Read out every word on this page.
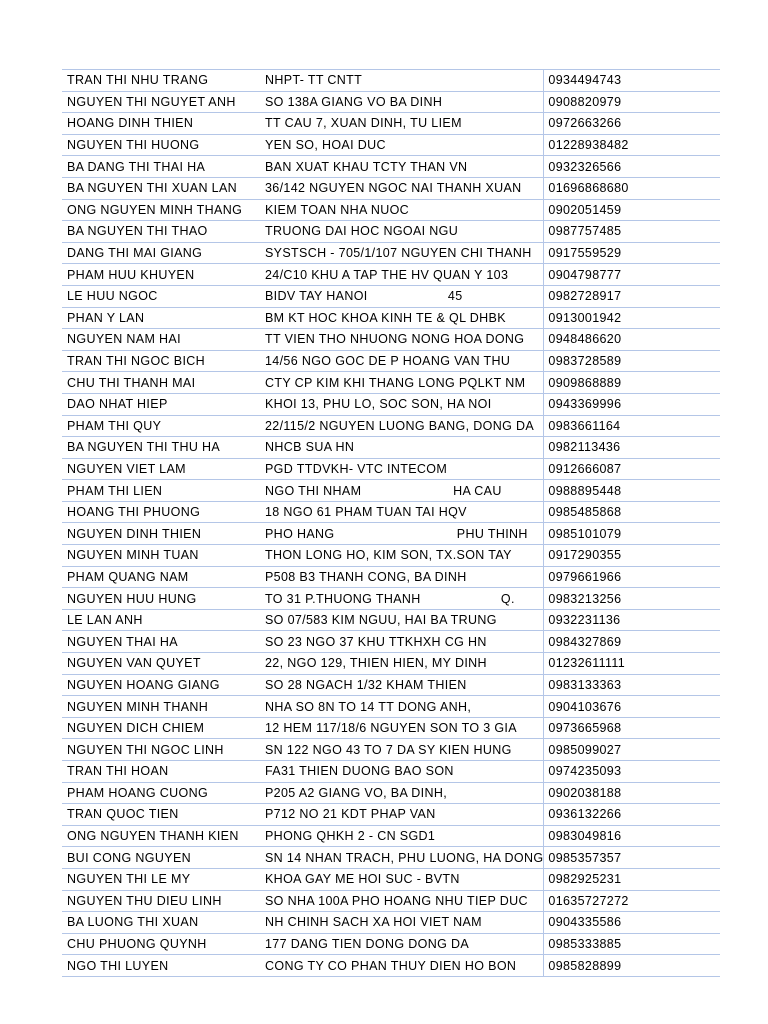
TRAN THI NHU TRANG	NHPT- TT CNTT	0934494743
NGUYEN THI NGUYET ANH	SO 138A GIANG VO BA DINH	0908820979
HOANG DINH THIEN	TT CAU 7, XUAN DINH, TU LIEM	0972663266
NGUYEN THI HUONG	YEN SO, HOAI DUC	01228938482
BA DANG THI THAI HA	BAN XUAT KHAU TCTY THAN VN	0932326566
BA NGUYEN THI XUAN LAN	36/142 NGUYEN NGOC NAI THANH XUAN	01696868680
ONG NGUYEN MINH THANG	KIEM TOAN NHA NUOC	0902051459
BA NGUYEN THI THAO	TRUONG DAI HOC NGOAI NGU	0987757485
DANG THI MAI GIANG	SYSTSCH - 705/1/107 NGUYEN CHI THANH	0917559529
PHAM HUU KHUYEN	24/C10 KHU A TAP THE HV QUAN Y 103	0904798777
LE HUU NGOC	BIDV TAY HANOI                     45	0982728917
PHAN Y LAN	BM KT HOC KHOA KINH TE & QL DHBK	0913001942
NGUYEN NAM HAI	TT VIEN THO NHUONG NONG HOA DONG	0948486620
TRAN THI NGOC BICH	14/56 NGO GOC DE P HOANG VAN THU	0983728589
CHU THI THANH MAI	CTY CP KIM KHI THANG LONG PQLKT NM	0909868889
DAO NHAT HIEP	KHOI 13, PHU LO, SOC SON, HA NOI	0943369996
PHAM THI QUY	22/115/2 NGUYEN LUONG BANG, DONG DA	0983661164
BA NGUYEN THI THU HA	NHCB SUA HN	0982113436
NGUYEN VIET LAM	PGD TTDVKH- VTC INTECOM	0912666087
PHAM THI LIEN	NGO THI NHAM                        HA CAU	0988895448
HOANG THI PHUONG	18 NGO 61 PHAM TUAN TAI HQV	0985485868
NGUYEN DINH THIEN	PHO HANG                                PHU THINH	0985101079
NGUYEN MINH TUAN	THON LONG HO, KIM SON, TX.SON TAY	0917290355
PHAM QUANG NAM	P508 B3 THANH CONG, BA DINH	0979661966
NGUYEN HUU HUNG	TO 31 P.THUONG THANH                     Q.	0983213256
LE LAN ANH	SO 07/583 KIM NGUU, HAI BA TRUNG	0932231136
NGUYEN THAI HA	SO 23 NGO 37 KHU TTKHXH CG HN	0984327869
NGUYEN VAN QUYET	22, NGO 129, THIEN HIEN, MY DINH	01232611111
NGUYEN HOANG GIANG	SO 28 NGACH 1/32 KHAM THIEN	0983133363
NGUYEN MINH THANH	NHA SO 8N TO 14 TT DONG ANH,	0904103676
NGUYEN DICH CHIEM	12 HEM 117/18/6 NGUYEN SON TO 3 GIA	0973665968
NGUYEN THI NGOC LINH	SN 122 NGO 43 TO 7 DA SY KIEN HUNG	0985099027
TRAN THI HOAN	FA31 THIEN DUONG BAO SON	0974235093
PHAM HOANG CUONG	P205 A2 GIANG VO, BA DINH,	0902038188
TRAN QUOC TIEN	P712 NO 21 KDT PHAP VAN	0936132266
ONG NGUYEN THANH KIEN	PHONG QHKH 2 - CN SGD1	0983049816
BUI CONG NGUYEN	SN 14 NHAN TRACH, PHU LUONG, HA DONG	0985357357
NGUYEN THI LE MY	KHOA GAY ME HOI SUC - BVTN	0982925231
NGUYEN THU DIEU LINH	SO NHA 100A PHO HOANG NHU TIEP DUC	01635727272
BA LUONG THI XUAN	NH CHINH SACH XA HOI VIET NAM	0904335586
CHU PHUONG QUYNH	177 DANG TIEN DONG DONG DA	0985333885
NGO THI LUYEN	CONG TY CO PHAN THUY DIEN HO BON	0985828899
